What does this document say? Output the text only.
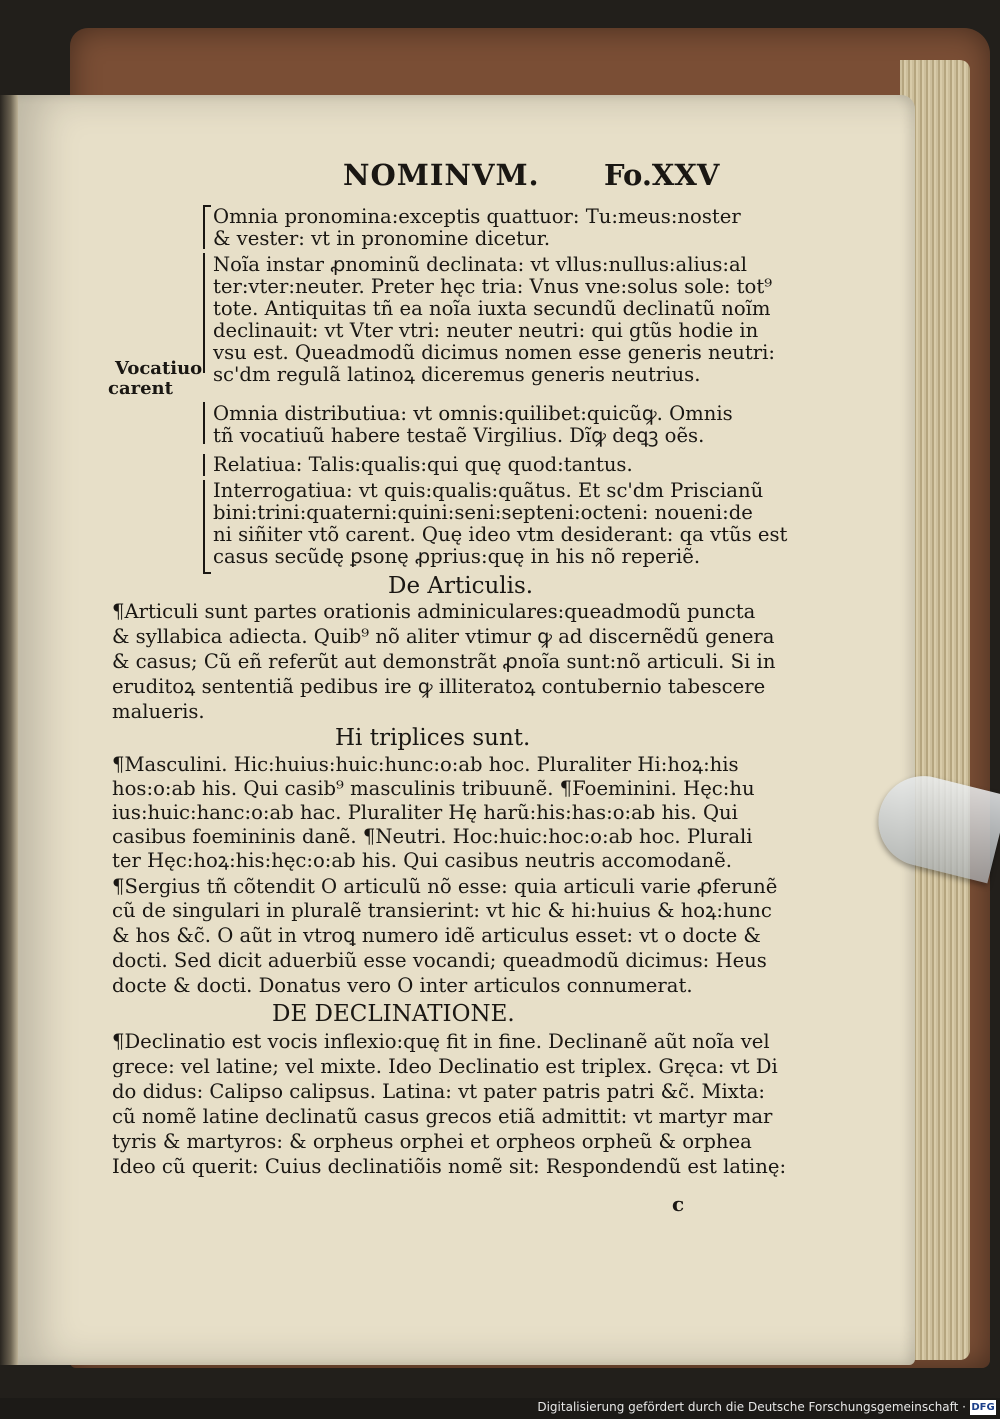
NOMINVM. Fo.XXV
Omnia pronomina:exceptis quattuor: Tu:meus:noster
& vester: vt in pronomine dicetur.
Noĩa instar ꝓnominũ declinata: vt vllus:nullus:alius:al
ter:vter:neuter. Preter hęc tria: Vnus vne:solus sole: tot⁹
tote. Antiquitas tñ ea noĩa iuxta secundũ declinatũ noĩm
declinauit: vt Vter vtri: neuter neutri: qui gtũs hodie in
vsu est. Queadmodũ dicimus nomen esse generis neutri:
sc'dm regulã latinoꝝ diceremus generis neutrius.
Omnia distributiua: vt omnis:quilibet:quicũꝙ. Omnis
tñ vocatiuũ habere testaẽ Virgilius. Dĩꝙ deꝗꝫ oẽs.
Relatiua: Talis:qualis:qui quę quod:tantus.
Interrogatiua: vt quis:qualis:quãtus. Et sc'dm Priscianũ
bini:trini:quaterni:quini:seni:septeni:octeni: noueni:de
ni siñiter vtõ carent. Quę ideo vtm desiderant: qa vtũs est
casus secũdę ꝑsonę ꝓprius:quę in his nõ reperiẽ.
Vocatiuo
carent
De Articulis.
¶Articuli sunt partes orationis adminiculares:queadmodũ puncta
& syllabica adiecta. Quib⁹ nõ aliter vtimur ꝙ ad discernẽdũ genera
& casus; Cũ eñ referũt aut demonstrãt ꝓnoĩa sunt:nõ articuli. Si in
eruditoꝝ sententiã pedibus ire ꝙ illiteratoꝝ contubernio tabescere
malueris.
Hi triplices sunt.
¶Masculini. Hic:huius:huic:hunc:o:ab hoc. Pluraliter Hi:hoꝝ:his
hos:o:ab his. Qui casib⁹ masculinis tribuunẽ. ¶Foeminini. Hęc:hu
ius:huic:hanc:o:ab hac. Pluraliter Hę harũ:his:has:o:ab his. Qui
casibus foemininis danẽ. ¶Neutri. Hoc:huic:hoc:o:ab hoc. Plurali
ter Hęc:hoꝝ:his:hęc:o:ab his. Qui casibus neutris accomodanẽ.
¶Sergius tñ cõtendit O articulũ nõ esse: quia articuli varie ꝓferunẽ
cũ de singulari in pluralẽ transierint: vt hic & hi:huius & hoꝝ:hunc
& hos &c̃. O aũt in vtroꝗ numero idẽ articulus esset: vt o docte &
docti. Sed dicit aduerbiũ esse vocandi; queadmodũ dicimus: Heus
docte & docti. Donatus vero O inter articulos connumerat.
DE DECLINATIONE.
¶Declinatio est vocis inflexio:quę fit in fine. Declinanẽ aũt noĩa vel
grece: vel latine; vel mixte. Ideo Declinatio est triplex. Gręca: vt Di
do didus: Calipso calipsus. Latina: vt pater patris patri &c̃. Mixta:
cũ nomẽ latine declinatũ casus grecos etiã admittit: vt martyr mar
tyris & martyros: & orpheus orphei et orpheos orpheũ & orphea
Ideo cũ querit: Cuius declinatiõis nomẽ sit: Respondendũ est latinę:
c
Digitalisierung gefördert durch die Deutsche Forschungsgemeinschaft · DFG
